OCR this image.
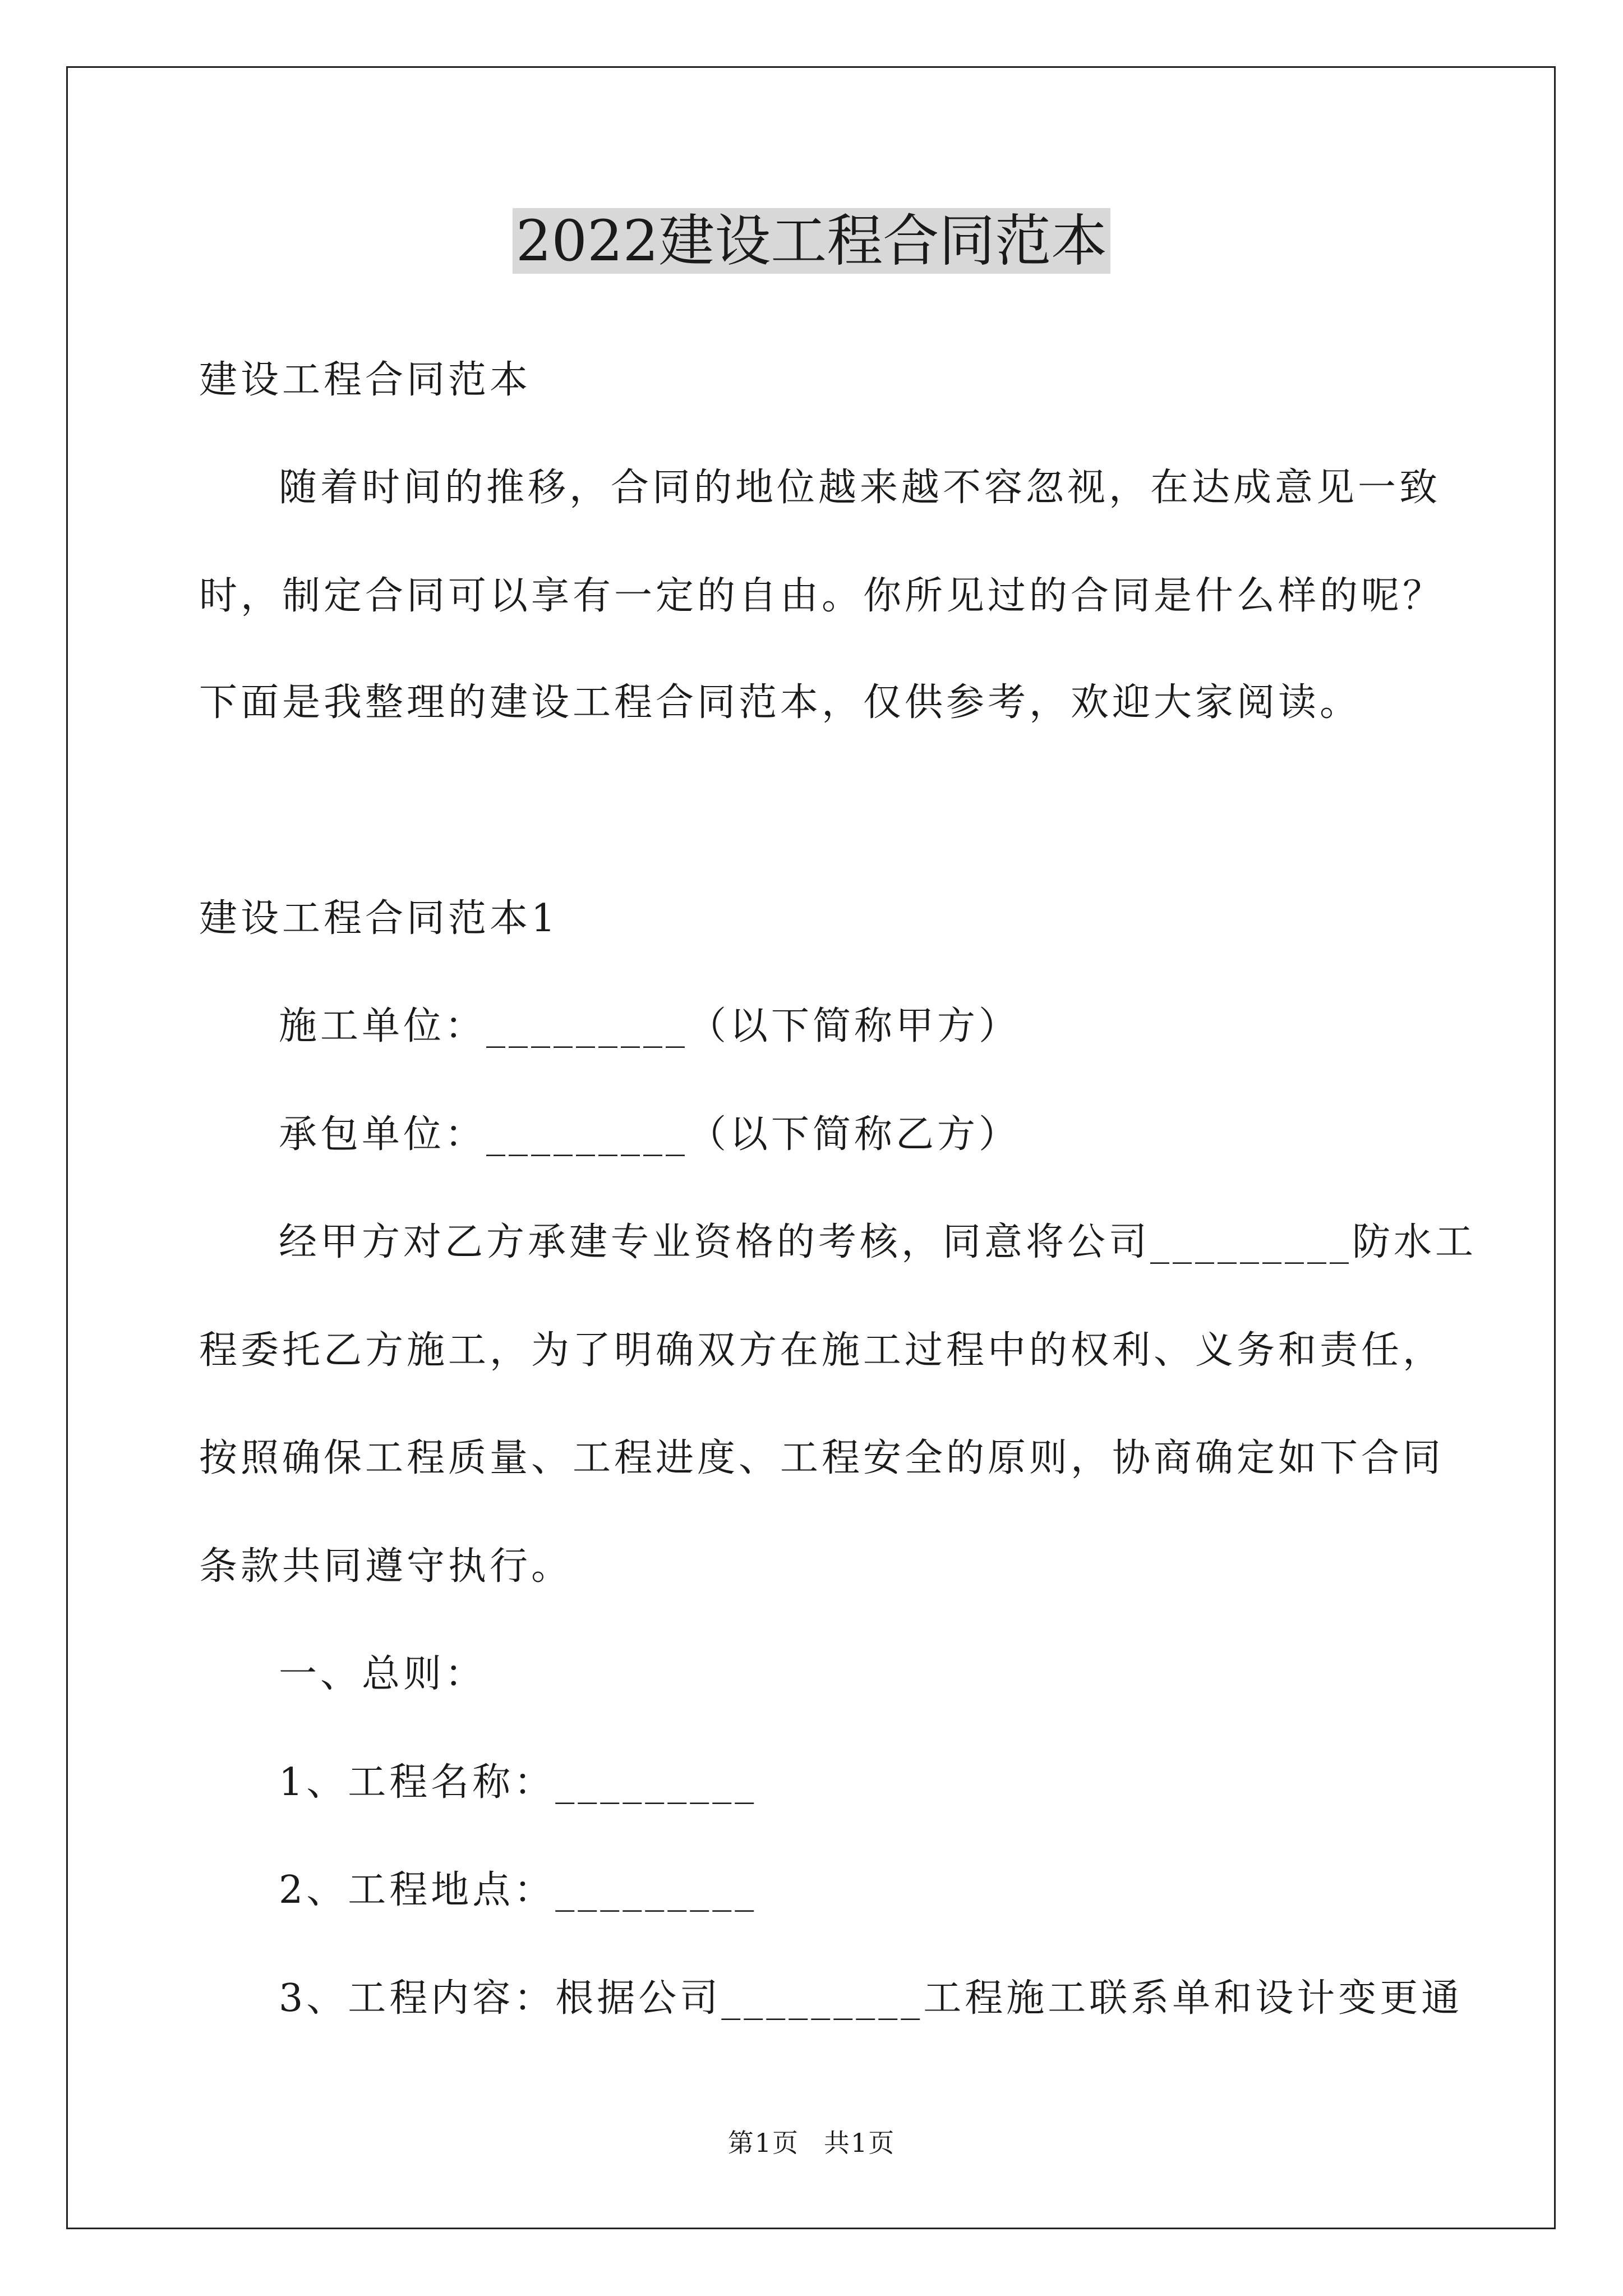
2022建设工程合同范本
建设工程合同范本
随着时间的推移，合同的地位越来越不容忽视，在达成意见一致
时，制定合同可以享有一定的自由。你所见过的合同是什么样的呢？
下面是我整理的建设工程合同范本，仅供参考，欢迎大家阅读。
建设工程合同范本1
施工单位：_________（以下简称甲方）
承包单位：_________（以下简称乙方）
经甲方对乙方承建专业资格的考核，同意将公司_________防水工
程委托乙方施工，为了明确双方在施工过程中的权利、义务和责任，
按照确保工程质量、工程进度、工程安全的原则，协商确定如下合同
条款共同遵守执行。
一、总则：
1、工程名称：_________
2、工程地点：_________
3、工程内容：根据公司_________工程施工联系单和设计变更通
第1页 共1页
